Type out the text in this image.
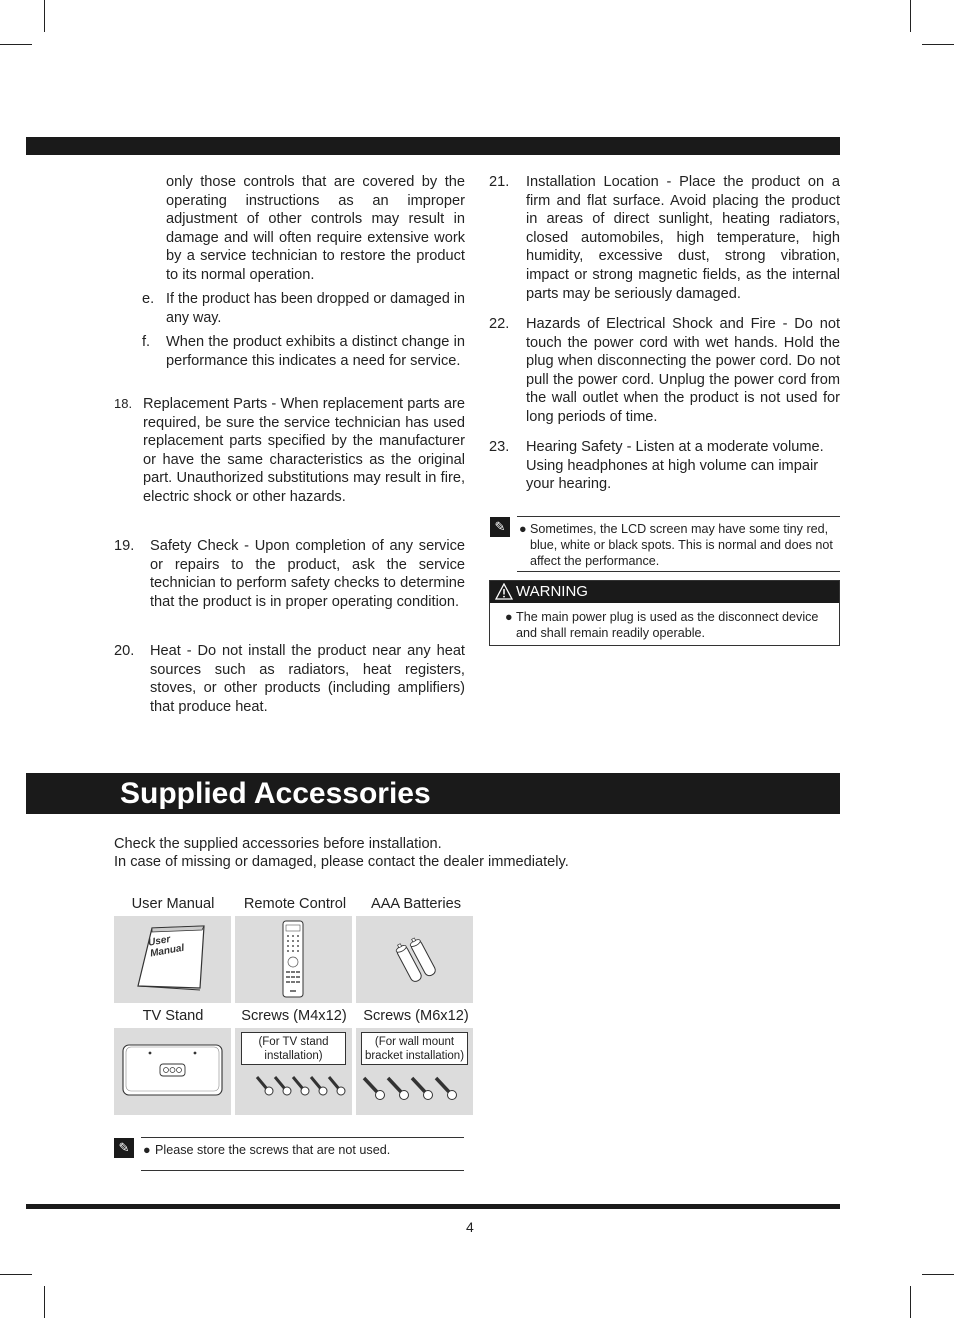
only those controls that are covered by the operating instructions as an improper adjustment of other controls may result in damage and will often require extensive work by a service technician to restore the product to its normal operation.

e. If the product has been dropped or damaged in any way.

f. When the product exhibits a distinct change in performance this indicates a need for service.

18. Replacement Parts - When replacement parts are required, be sure the service technician has used replacement parts specified by the manufacturer or have the same characteristics as the original part. Unauthorized substitutions may result in fire, electric shock or other hazards.

19. Safety Check - Upon completion of any service or repairs to the product, ask the service technician to perform safety checks to determine that the product is in proper operating condition.

20. Heat - Do not install the product near any heat sources such as radiators, heat registers, stoves, or other products (including amplifiers) that produce heat.

21. Installation Location - Place the product on a firm and flat surface. Avoid placing the product in areas of direct sunlight, heating radiators, closed automobiles, high temperature, high humidity, excessive dust, strong vibration, impact or strong magnetic fields, as the internal parts may be seriously damaged.

22. Hazards of Electrical Shock and Fire - Do not touch the power cord with wet hands. Hold the plug when disconnecting the power cord. Do not pull the power cord. Unplug the power cord from the wall outlet when the product is not used for long periods of time.

23. Hearing Safety - Listen at a moderate volume. Using headphones at high volume can impair your hearing.

✎	● Sometimes, the LCD screen may have some tiny red, blue, white or black spots. This is normal and does not affect the performance.
WARNING
● The main power plug is used as the disconnect device and shall remain readily operable.
Supplied Accessories
Check the supplied accessories before installation.
In case of missing or damaged, please contact the dealer immediately.
User Manual	Remote Control	AAA Batteries
User Manual
TV Stand	Screws (M4x12)	Screws (M6x12)
(For TV stand installation)
(For wall mount bracket installation)
✎	● Please store the screws that are not used.
4
